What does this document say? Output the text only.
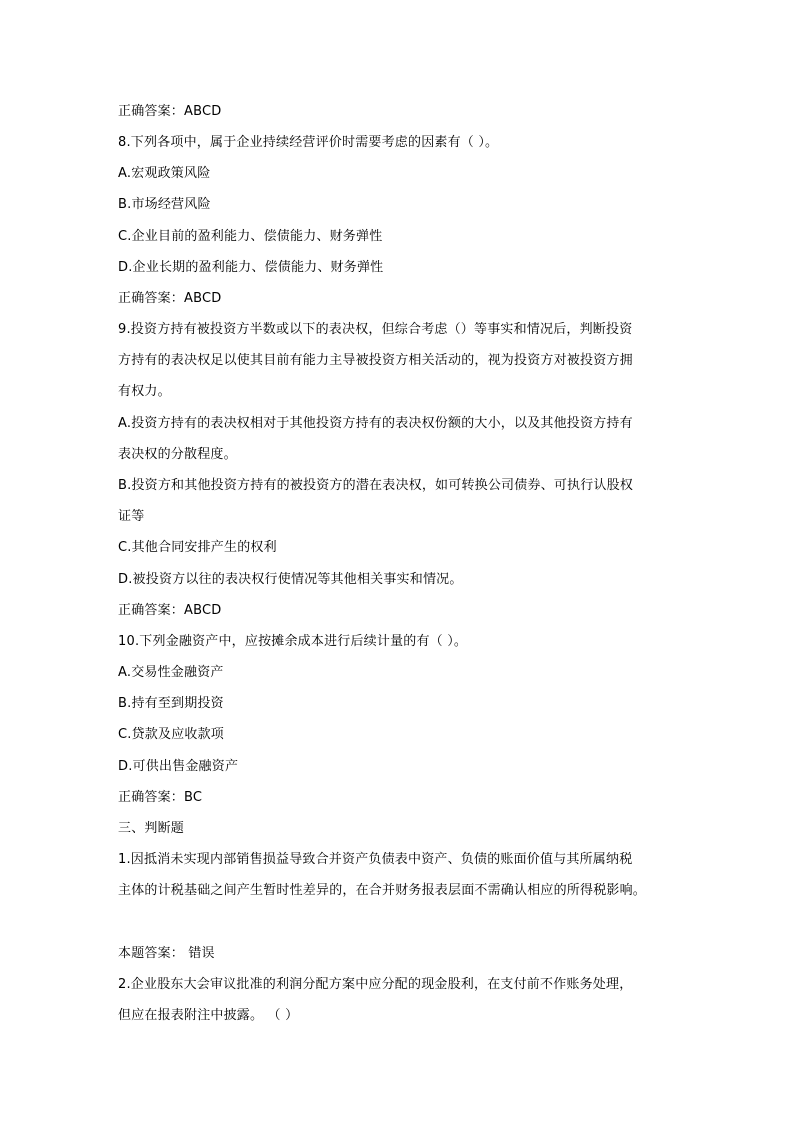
正确答案：ABCD
8.下列各项中，属于企业持续经营评价时需要考虑的因素有（ ）。
A.宏观政策风险
B.市场经营风险
C.企业目前的盈利能力、偿债能力、财务弹性
D.企业长期的盈利能力、偿债能力、财务弹性
正确答案：ABCD
9.投资方持有被投资方半数或以下的表决权，但综合考虑（）等事实和情况后，判断投资
方持有的表决权足以使其目前有能力主导被投资方相关活动的，视为投资方对被投资方拥
有权力。
A.投资方持有的表决权相对于其他投资方持有的表决权份额的大小，以及其他投资方持有
表决权的分散程度。
B.投资方和其他投资方持有的被投资方的潜在表决权，如可转换公司债券、可执行认股权
证等
C.其他合同安排产生的权利
D.被投资方以往的表决权行使情况等其他相关事实和情况。
正确答案：ABCD
10.下列金融资产中，应按摊余成本进行后续计量的有（ ）。
A.交易性金融资产
B.持有至到期投资
C.贷款及应收款项
D.可供出售金融资产
正确答案：BC
三、判断题
1.因抵消未实现内部销售损益导致合并资产负债表中资产、负债的账面价值与其所属纳税
主体的计税基础之间产生暂时性差异的，在合并财务报表层面不需确认相应的所得税影响。
本题答案： 错误
2.企业股东大会审议批准的利润分配方案中应分配的现金股利，在支付前不作账务处理，
但应在报表附注中披露。 （ ）
